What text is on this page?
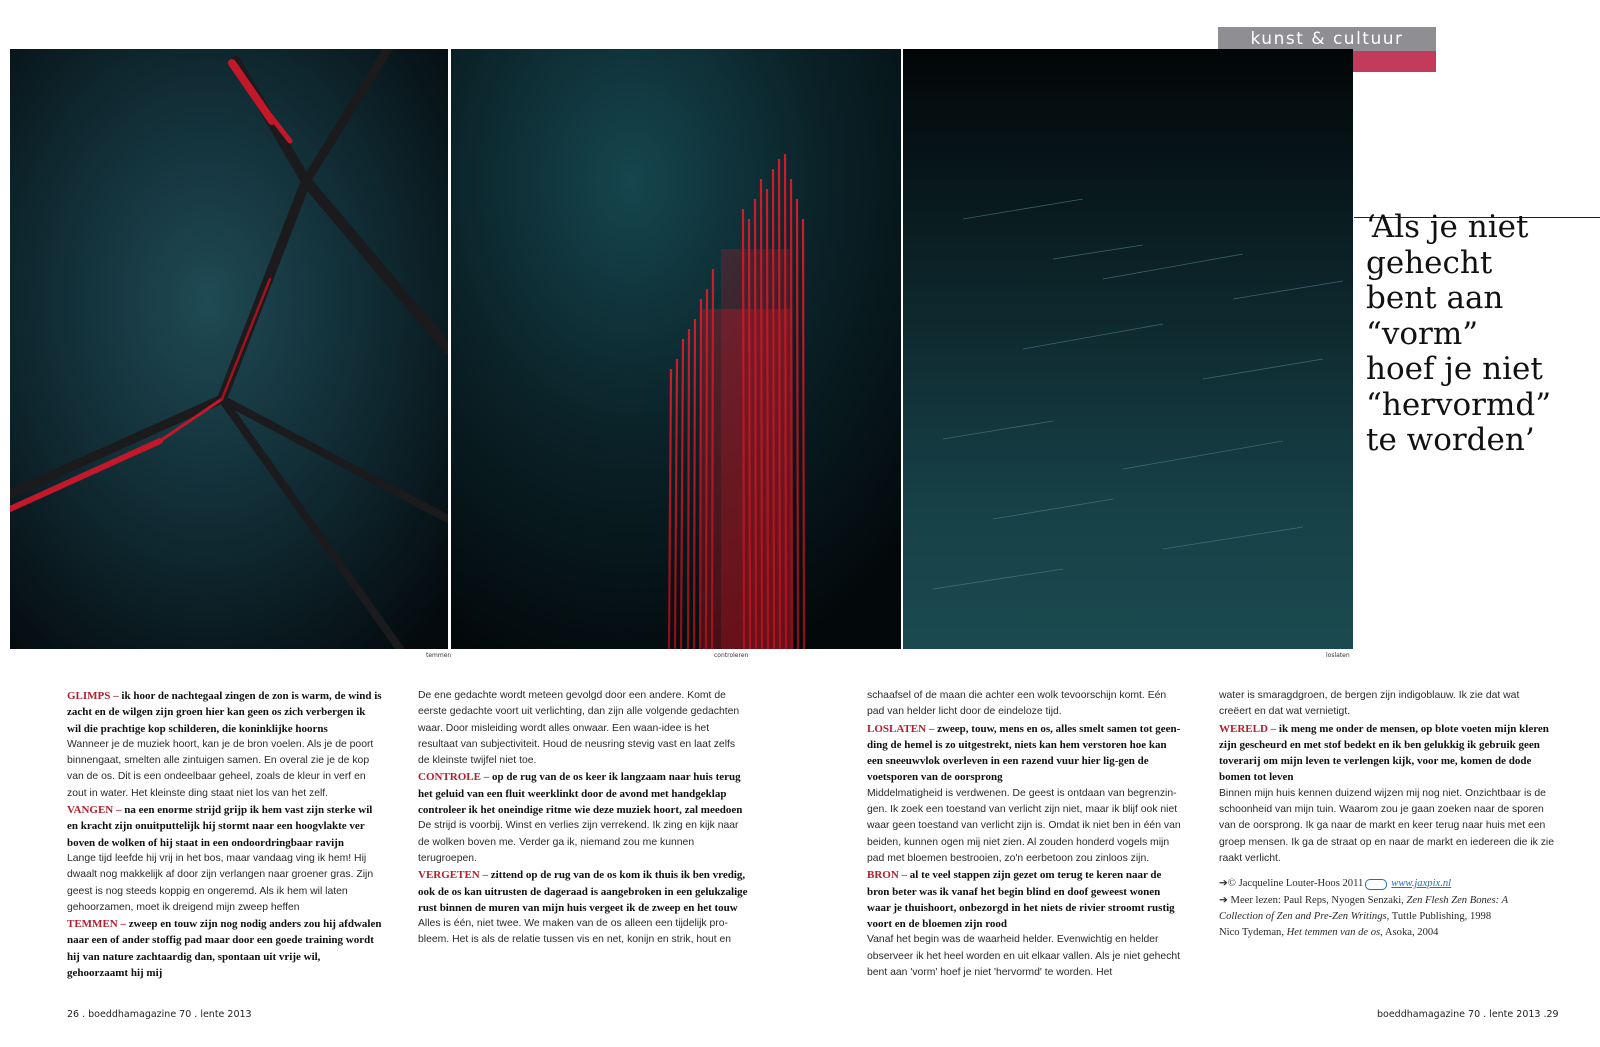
kunst & cultuur
temmen	controleren	loslaten
‘Als je niet
gehecht
bent aan
“vorm”
hoef je niet
“hervormd”
te worden’

GLIMPS – ik hoor de nachtegaal zingen de zon is warm, de wind is zacht en de wilgen zijn groen hier kan geen os zich verbergen ik wil die prachtige kop schilderen, die koninklijke hoorns

Wanneer je de muziek hoort, kan je de bron voelen. Als je de poort binnengaat, smelten alle zintuigen samen. En overal zie je de kop van de os. Dit is een ondeelbaar geheel, zoals de kleur in verf en zout in water. Het kleinste ding staat niet los van het zelf.

VANGEN – na een enorme strijd grijp ik hem vast zijn sterke wil en kracht zijn onuitputtelijk hij stormt naar een hoogvlakte ver boven de wolken of hij staat in een ondoordringbaar ravijn

Lange tijd leefde hij vrij in het bos, maar vandaag ving ik hem! Hij dwaalt nog makkelijk af door zijn verlangen naar groener gras. Zijn geest is nog steeds koppig en ongeremd. Als ik hem wil laten gehoorzamen, moet ik dreigend mijn zweep heffen

TEMMEN – zweep en touw zijn nog nodig anders zou hij afdwalen naar een of ander stoffig pad maar door een goede training wordt hij van nature zachtaardig dan, spontaan uit vrije wil, gehoorzaamt hij mij

De ene gedachte wordt meteen gevolgd door een andere. Komt de eerste gedachte voort uit verlichting, dan zijn alle volgende gedachten waar. Door misleiding wordt alles onwaar. Een waan-idee is het resultaat van subjectiviteit. Houd de neusring stevig vast en laat zelfs de kleinste twijfel niet toe.

CONTROLE – op de rug van de os keer ik langzaam naar huis terug het geluid van een fluit weerklinkt door de avond met handgeklap controleer ik het oneindige ritme wie deze muziek hoort, zal meedoen

De strijd is voorbij. Winst en verlies zijn verrekend. Ik zing en kijk naar de wolken boven me. Verder ga ik, niemand zou me kunnen terugroepen.

VERGETEN – zittend op de rug van de os kom ik thuis ik ben vredig, ook de os kan uitrusten de dageraad is aangebroken in een gelukzalige rust binnen de muren van mijn huis vergeet ik de zweep en het touw

Alles is één, niet twee. We maken van de os alleen een tijdelijk pro-bleem. Het is als de relatie tussen vis en net, konijn en strik, hout en

schaafsel of de maan die achter een wolk tevoorschijn komt. Eén pad van helder licht door de eindeloze tijd.

LOSLATEN – zweep, touw, mens en os, alles smelt samen tot geen-ding de hemel is zo uitgestrekt, niets kan hem verstoren hoe kan een sneeuwvlok overleven in een razend vuur hier lig-gen de voetsporen van de oorsprong

Middelmatigheid is verdwenen. De geest is ontdaan van begrenzin-gen. Ik zoek een toestand van verlicht zijn niet, maar ik blijf ook niet waar geen toestand van verlicht zijn is. Omdat ik niet ben in één van beiden, kunnen ogen mij niet zien. Al zouden honderd vogels mijn pad met bloemen bestrooien, zo'n eerbetoon zou zinloos zijn.

BRON – al te veel stappen zijn gezet om terug te keren naar de bron beter was ik vanaf het begin blind en doof geweest wonen waar je thuishoort, onbezorgd in het niets de rivier stroomt rustig voort en de bloemen zijn rood

Vanaf het begin was de waarheid helder. Evenwichtig en helder observeer ik het heel worden en uit elkaar vallen. Als je niet gehecht bent aan 'vorm' hoef je niet 'hervormd' te worden. Het

water is smaragdgroen, de bergen zijn indigoblauw. Ik zie dat wat creëert en dat wat vernietigt.

WERELD – ik meng me onder de mensen, op blote voeten mijn kleren zijn gescheurd en met stof bedekt en ik ben gelukkig ik gebruik geen toverarij om mijn leven te verlengen kijk, voor me, komen de dode bomen tot leven

Binnen mijn huis kennen duizend wijzen mij nog niet. Onzichtbaar is de schoonheid van mijn tuin. Waarom zou je gaan zoeken naar de sporen van de oorsprong. Ik ga naar de markt en keer terug naar huis met een groep mensen. Ik ga de straat op en naar de markt en iedereen die ik zie raakt verlicht.

➔© Jacqueline Louter-Hoos 2011	www.jaxpix.nl

➔ Meer lezen: Paul Reps, Nyogen Senzaki, Zen Flesh Zen Bones: A Collection of Zen and Pre-Zen Writings, Tuttle Publishing, 1998

Nico Tydeman, Het temmen van de os, Asoka, 2004

26 . boeddhamagazine 70 . lente 2013	boeddhamagazine 70 . lente 2013 .29
